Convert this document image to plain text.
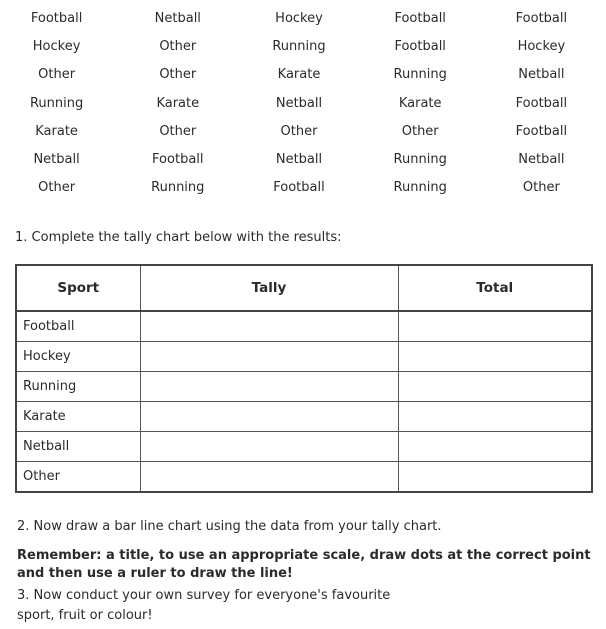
Football	Netball	Hockey	Football	Football
Hockey	Other	Running	Football	Hockey
Other	Other	Karate	Running	Netball
Running	Karate	Netball	Karate	Football
Karate	Other	Other	Other	Football
Netball	Football	Netball	Running	Netball
Other	Running	Football	Running	Other
1. Complete the tally chart below with the results:
Sport	Tally	Total
Football		
Hockey		
Running		
Karate		
Netball		
Other		
2. Now draw a bar line chart using the data from your tally chart.
Remember: a title, to use an appropriate scale, draw dots at the correct point and then use a ruler to draw the line!
3. Now conduct your own survey for everyone's favourite sport, fruit or colour!
